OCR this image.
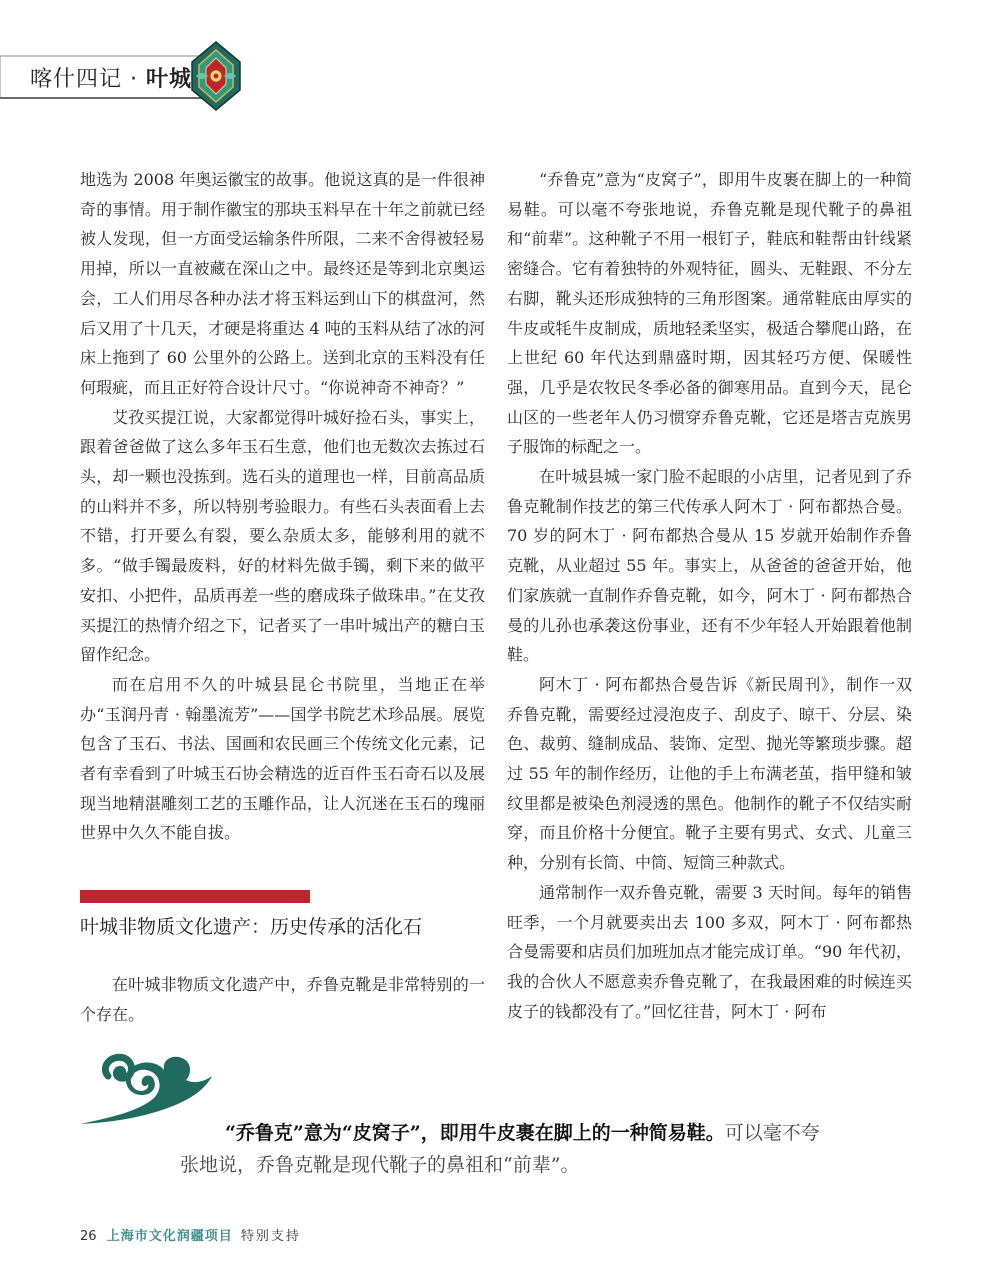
喀什四记 · 叶城

地选为 2008 年奥运徽宝的故事。他说这真的是一件很神奇的事情。用于制作徽宝的那块玉料早在十年之前就已经被人发现，但一方面受运输条件所限，二来不舍得被轻易用掉，所以一直被藏在深山之中。最终还是等到北京奥运会，工人们用尽各种办法才将玉料运到山下的棋盘河，然后又用了十几天，才硬是将重达 4 吨的玉料从结了冰的河床上拖到了 60 公里外的公路上。送到北京的玉料没有任何瑕疵，而且正好符合设计尺寸。“你说神奇不神奇？”

艾孜买提江说，大家都觉得叶城好捡石头，事实上，跟着爸爸做了这么多年玉石生意，他们也无数次去拣过石头，却一颗也没拣到。选石头的道理也一样，目前高品质的山料并不多，所以特别考验眼力。有些石头表面看上去不错，打开要么有裂，要么杂质太多，能够利用的就不多。“做手镯最废料，好的材料先做手镯，剩下来的做平安扣、小把件，品质再差一些的磨成珠子做珠串。”在艾孜买提江的热情介绍之下，记者买了一串叶城出产的糖白玉留作纪念。

而在启用不久的叶城县昆仑书院里，当地正在举办“玉润丹青 · 翰墨流芳”——国学书院艺术珍品展。展览包含了玉石、书法、国画和农民画三个传统文化元素，记者有幸看到了叶城玉石协会精选的近百件玉石奇石以及展现当地精湛雕刻工艺的玉雕作品，让人沉迷在玉石的瑰丽世界中久久不能自拔。

叶城非物质文化遗产：历史传承的活化石

在叶城非物质文化遗产中，乔鲁克靴是非常特别的一个存在。

“乔鲁克”意为“皮窝子”，即用牛皮裹在脚上的一种简易鞋。可以毫不夸张地说，乔鲁克靴是现代靴子的鼻祖和“前辈”。这种靴子不用一根钉子，鞋底和鞋帮由针线紧密缝合。它有着独特的外观特征，圆头、无鞋跟、不分左右脚，靴头还形成独特的三角形图案。通常鞋底由厚实的牛皮或牦牛皮制成，质地轻柔坚实，极适合攀爬山路，在上世纪 60 年代达到鼎盛时期，因其轻巧方便、保暖性强，几乎是农牧民冬季必备的御寒用品。直到今天，昆仑山区的一些老年人仍习惯穿乔鲁克靴，它还是塔吉克族男子服饰的标配之一。

在叶城县城一家门脸不起眼的小店里，记者见到了乔鲁克靴制作技艺的第三代传承人阿木丁 · 阿布都热合曼。70 岁的阿木丁 · 阿布都热合曼从 15 岁就开始制作乔鲁克靴，从业超过 55 年。事实上，从爸爸的爸爸开始，他们家族就一直制作乔鲁克靴，如今，阿木丁 · 阿布都热合曼的儿孙也承袭这份事业，还有不少年轻人开始跟着他制鞋。

阿木丁 · 阿布都热合曼告诉《新民周刊》，制作一双乔鲁克靴，需要经过浸泡皮子、刮皮子、晾干、分层、染色、裁剪、缝制成品、装饰、定型、抛光等繁琐步骤。超过 55 年的制作经历，让他的手上布满老茧，指甲缝和皱纹里都是被染色剂浸透的黑色。他制作的靴子不仅结实耐穿，而且价格十分便宜。靴子主要有男式、女式、儿童三种，分别有长筒、中筒、短筒三种款式。

通常制作一双乔鲁克靴，需要 3 天时间。每年的销售旺季，一个月就要卖出去 100 多双，阿木丁 · 阿布都热合曼需要和店员们加班加点才能完成订单。“90 年代初，我的合伙人不愿意卖乔鲁克靴了，在我最困难的时候连买皮子的钱都没有了。”回忆往昔，阿木丁 · 阿布

“乔鲁克”意为“皮窝子”，即用牛皮裹在脚上的一种简易鞋。可以毫不夸
张地说，乔鲁克靴是现代靴子的鼻祖和“前辈”。
26 上海市文化润疆项目 特别支持
